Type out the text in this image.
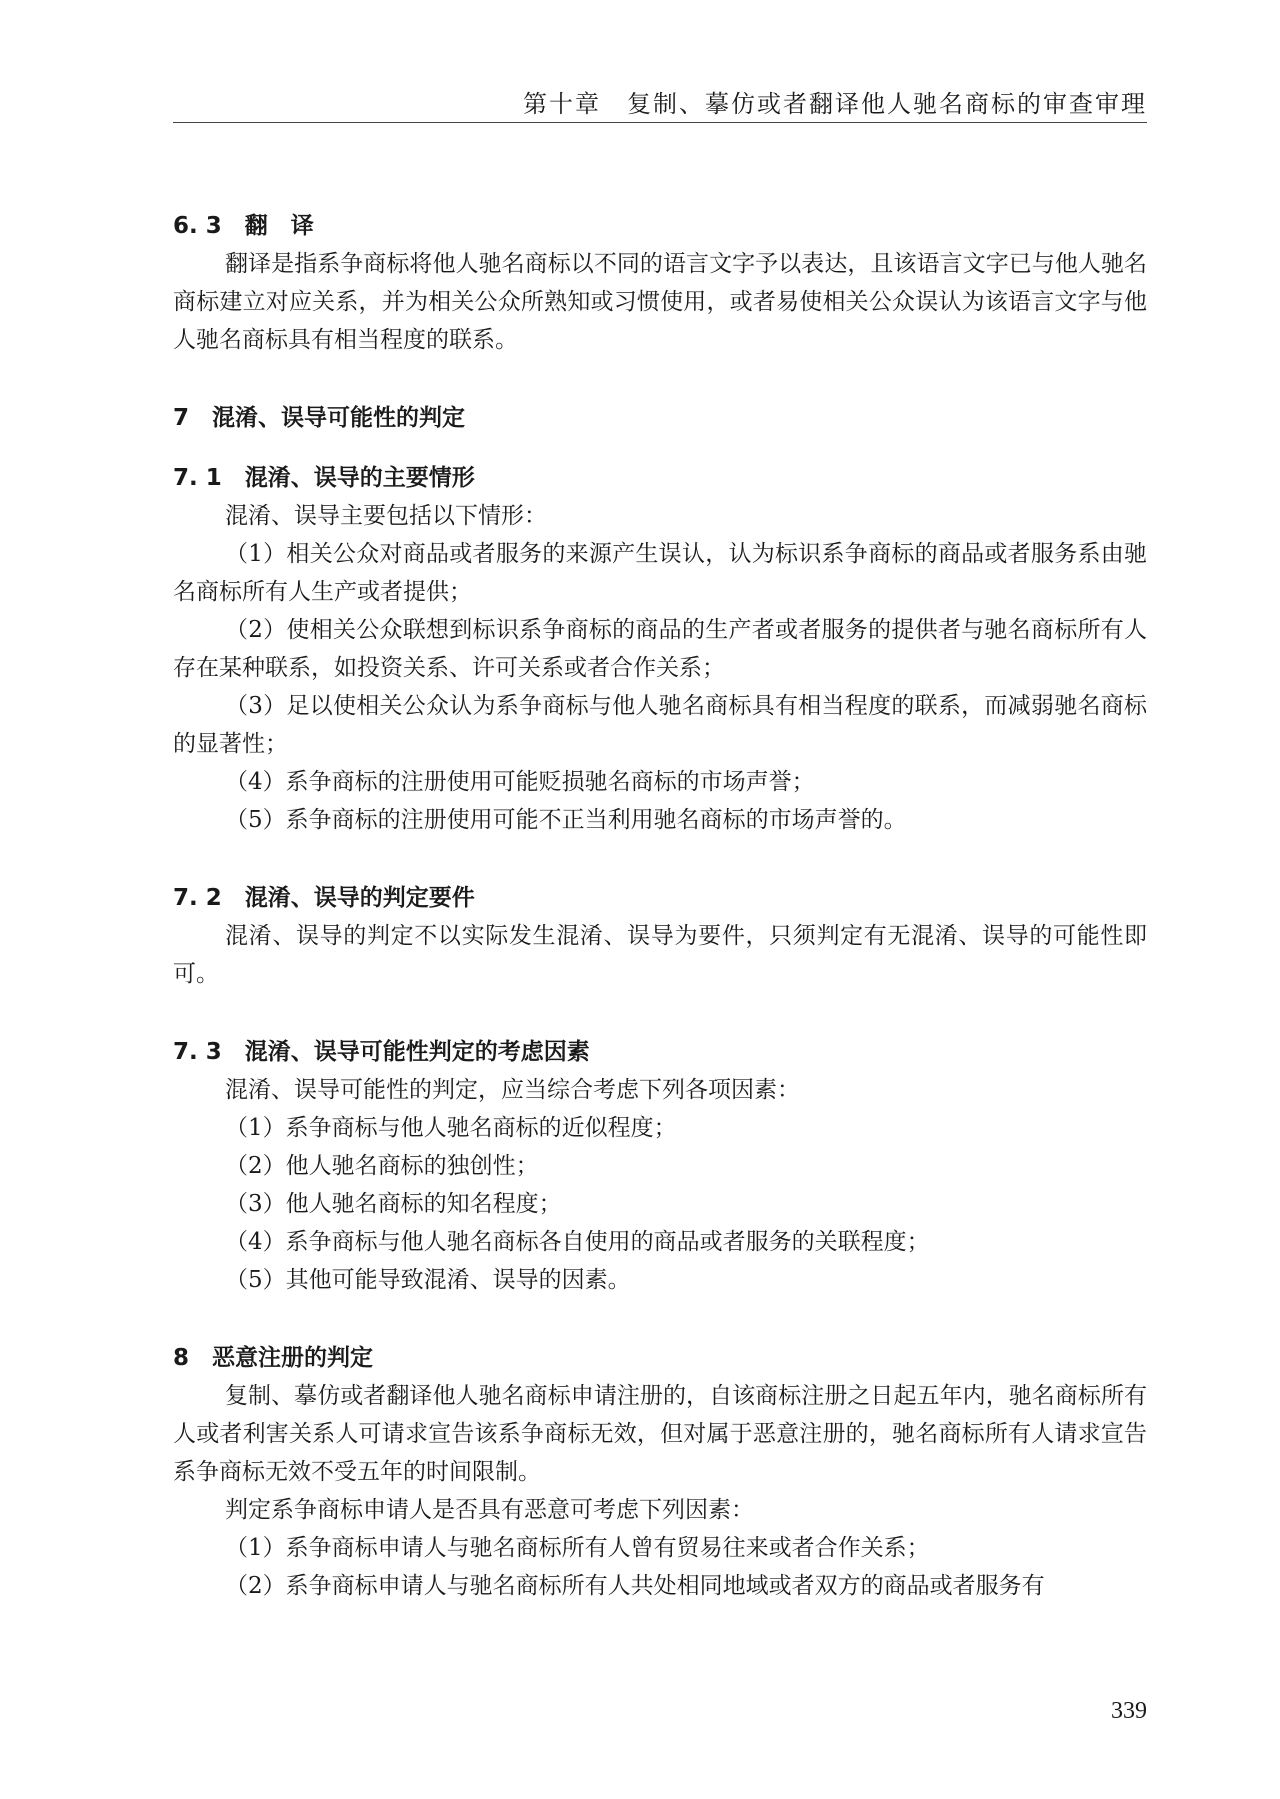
第十章　复制、摹仿或者翻译他人驰名商标的审查审理
6. 3　翻　译
翻译是指系争商标将他人驰名商标以不同的语言文字予以表达，且该语言文字已与他人驰名商标建立对应关系，并为相关公众所熟知或习惯使用，或者易使相关公众误认为该语言文字与他人驰名商标具有相当程度的联系。
7　混淆、误导可能性的判定
7. 1　混淆、误导的主要情形
混淆、误导主要包括以下情形：
（1）相关公众对商品或者服务的来源产生误认，认为标识系争商标的商品或者服务系由驰名商标所有人生产或者提供；
（2）使相关公众联想到标识系争商标的商品的生产者或者服务的提供者与驰名商标所有人存在某种联系，如投资关系、许可关系或者合作关系；
（3）足以使相关公众认为系争商标与他人驰名商标具有相当程度的联系，而减弱驰名商标的显著性；
（4）系争商标的注册使用可能贬损驰名商标的市场声誉；
（5）系争商标的注册使用可能不正当利用驰名商标的市场声誉的。
7. 2　混淆、误导的判定要件
混淆、误导的判定不以实际发生混淆、误导为要件，只须判定有无混淆、误导的可能性即可。
7. 3　混淆、误导可能性判定的考虑因素
混淆、误导可能性的判定，应当综合考虑下列各项因素：
（1）系争商标与他人驰名商标的近似程度；
（2）他人驰名商标的独创性；
（3）他人驰名商标的知名程度；
（4）系争商标与他人驰名商标各自使用的商品或者服务的关联程度；
（5）其他可能导致混淆、误导的因素。
8　恶意注册的判定
复制、摹仿或者翻译他人驰名商标申请注册的，自该商标注册之日起五年内，驰名商标所有人或者利害关系人可请求宣告该系争商标无效，但对属于恶意注册的，驰名商标所有人请求宣告系争商标无效不受五年的时间限制。
判定系争商标申请人是否具有恶意可考虑下列因素：
（1）系争商标申请人与驰名商标所有人曾有贸易往来或者合作关系；
（2）系争商标申请人与驰名商标所有人共处相同地域或者双方的商品或者服务有
339
